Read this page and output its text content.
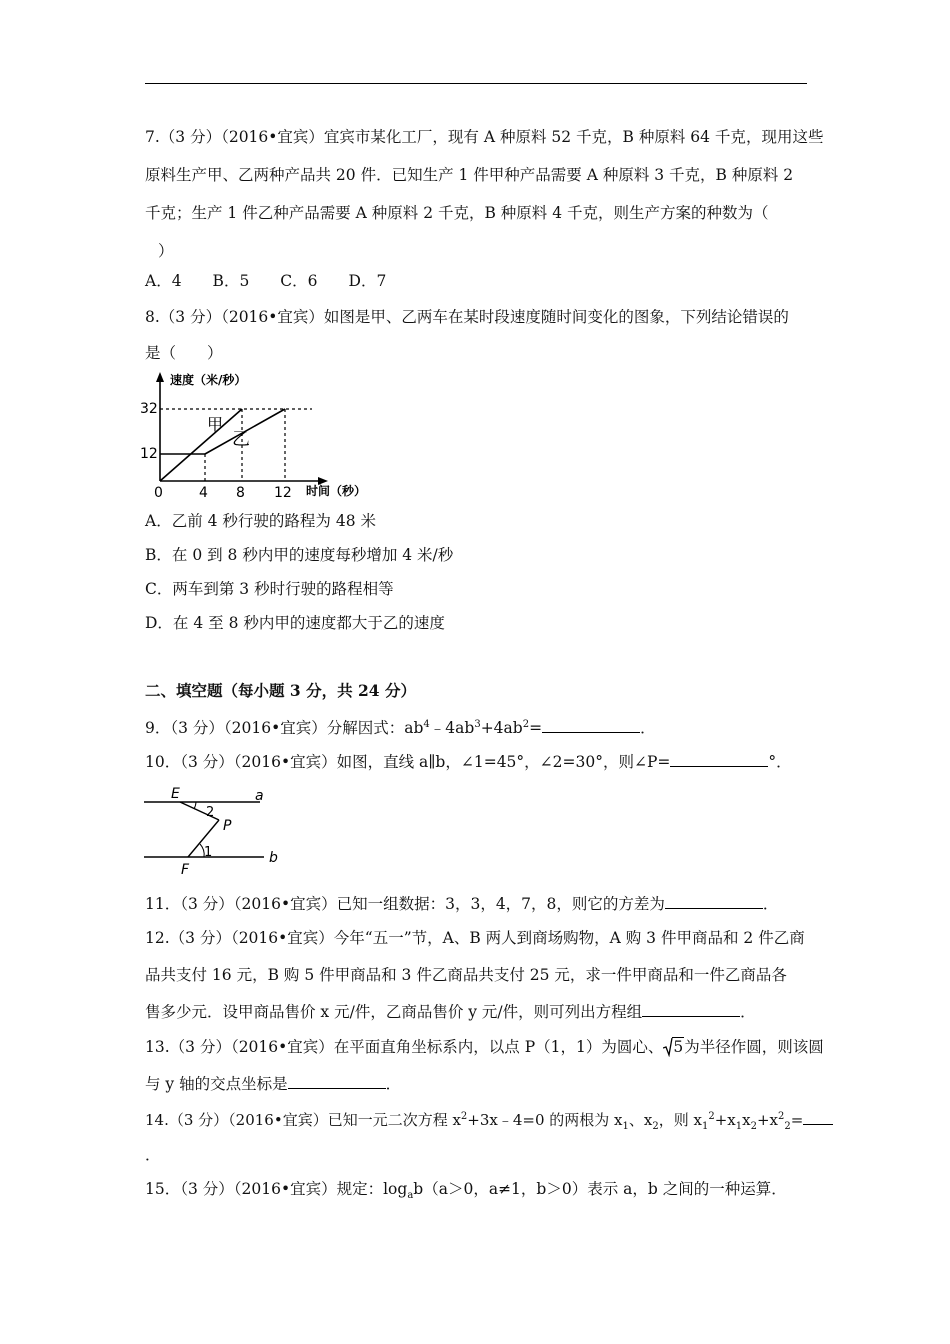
7.（3 分）（2016•宜宾）宜宾市某化工厂，现有 A 种原料 52 千克，B 种原料 64 千克，现用这些
原料生产甲、乙两种产品共 20 件．已知生产 1 件甲种产品需要 A 种原料 3 千克，B 种原料 2
千克；生产 1 件乙种产品需要 A 种原料 2 千克，B 种原料 4 千克，则生产方案的种数为（
）
A．4　　B．5　　C．6　　D．7
8.（3 分）（2016•宜宾）如图是甲、乙两车在某时段速度随时间变化的图象，下列结论错误的
是（　　）
速度（米/秒）
32
12
0	4 8 12 时间（秒）
甲
乙
A．乙前 4 秒行驶的路程为 48 米
B．在 0 到 8 秒内甲的速度每秒增加 4 米/秒
C．两车到第 3 秒时行驶的路程相等
D．在 4 至 8 秒内甲的速度都大于乙的速度
二、填空题（每小题 3 分，共 24 分）
9．（3 分）（2016•宜宾）分解因式：$ab^4﹣4ab^3+4ab^2=$	．
10．（3 分）（2016•宜宾）如图，直线 a∥b，∠1=45°，∠2=30°，则∠P=	°．
E	a
2
P
1	b
F
11．（3 分）（2016•宜宾）已知一组数据：3，3，4，7，8，则它的方差为	．
12.（3 分）（2016•宜宾）今年“五一”节，A、B 两人到商场购物，A 购 3 件甲商品和 2 件乙商
品共支付 16 元，B 购 5 件甲商品和 3 件乙商品共支付 25 元，求一件甲商品和一件乙商品各
售多少元．设甲商品售价 x 元/件，乙商品售价 y 元/件，则可列出方程组	．
13.（3 分）（2016•宜宾）在平面直角坐标系内，以点 P（1，1）为圆心、 5为半径作圆，则该圆
与 y 轴的交点坐标是	．
14.（3 分）（2016•宜宾）已知一元二次方程 $x^2+3x﹣4=0$ 的两根为 $x_1$、$x_2$，则 $x_1^2+x_1x_2+x^2_2=$
．
15．（3 分）（2016•宜宾）规定：$\log_ab(a>0$，a≠1，b＞0）表示 a，b 之间的一种运算．
